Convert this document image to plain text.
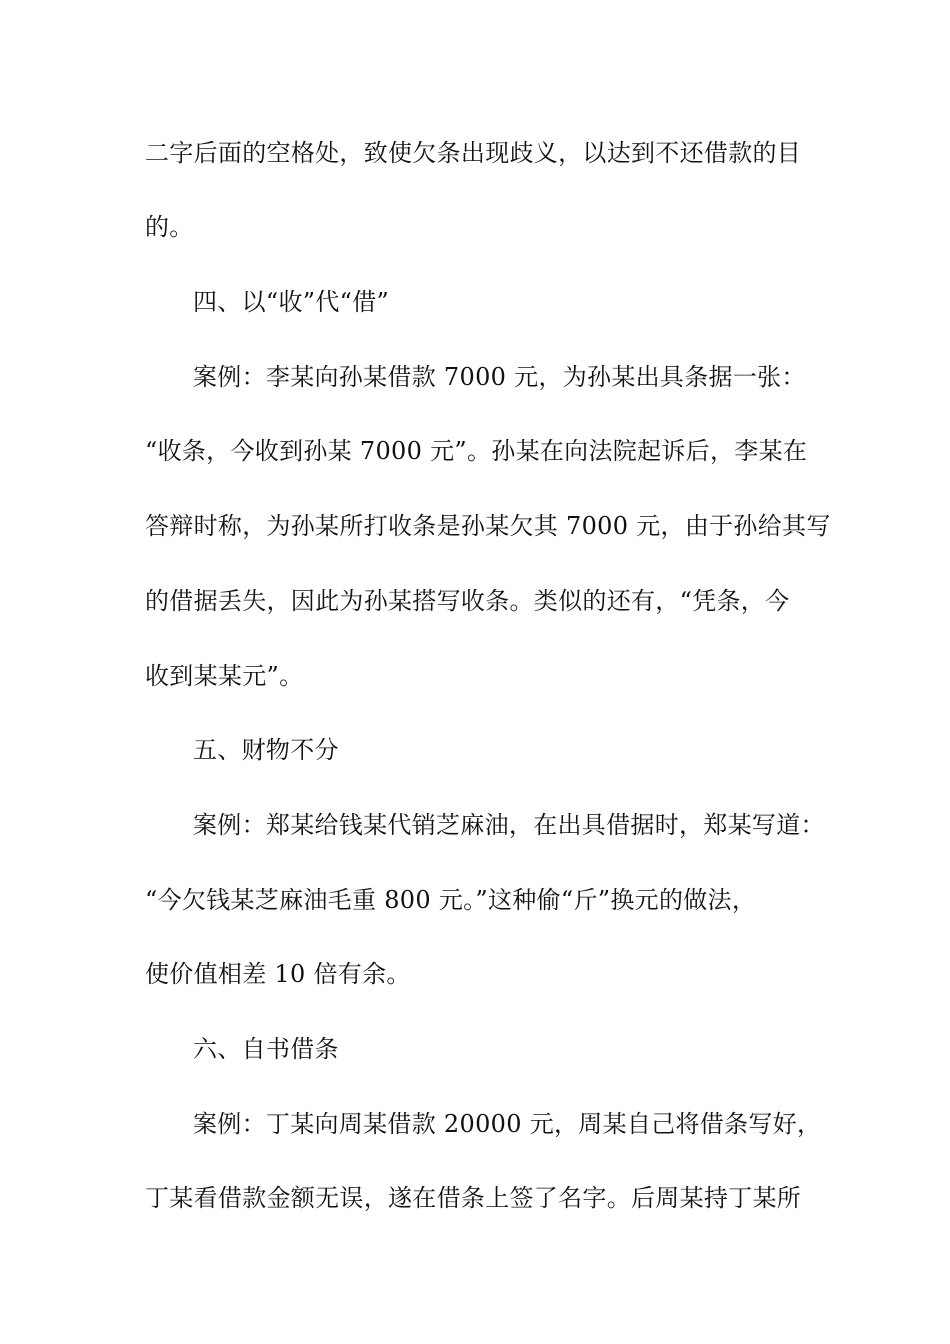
二字后面的空格处，致使欠条出现歧义，以达到不还借款的目
的。
四、以“收”代“借”
案例：李某向孙某借款 7000 元，为孙某出具条据一张：
“收条，今收到孙某 7000 元”。孙某在向法院起诉后，李某在
答辩时称，为孙某所打收条是孙某欠其 7000 元，由于孙给其写
的借据丢失，因此为孙某搭写收条。类似的还有，“凭条，今
收到某某元”。
五、财物不分
案例：郑某给钱某代销芝麻油，在出具借据时，郑某写道：
“今欠钱某芝麻油毛重 800 元。”这种偷“斤”换元的做法，
使价值相差 10 倍有余。
六、自书借条
案例：丁某向周某借款 20000 元，周某自己将借条写好，
丁某看借款金额无误，遂在借条上签了名字。后周某持丁某所
